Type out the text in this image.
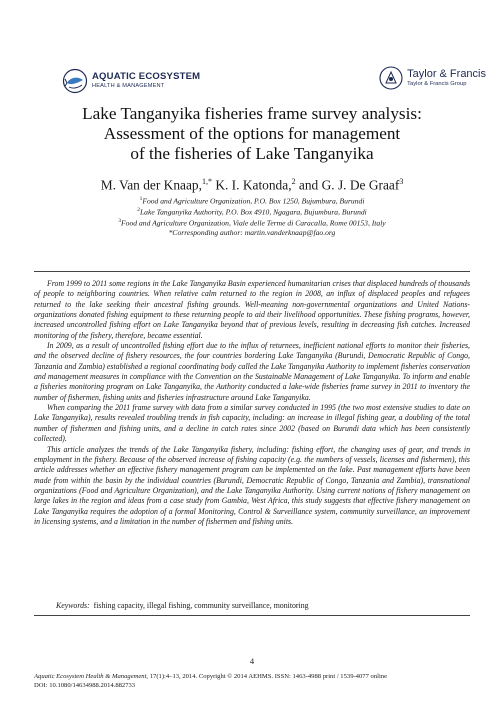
AQUATIC ECOSYSTEM
HEALTH & MANAGEMENT
Taylor & Francis
Taylor & Francis Group
Lake Tanganyika fisheries frame survey analysis:
Assessment of the options for management
of the fisheries of Lake Tanganyika
M. Van der Knaap,$^{1,*}$ K. I. Katonda,$^2$ and G. J. De Graaf$^3$
$^1$Food and Agriculture Organization, P.O. Box 1250, Bujumbura, Burundi
$^2$Lake Tanganyika Authority, P.O. Box 4910, Ngagara, Bujumbura, Burundi
$^3$Food and Agriculture Organization, Viale delle Terme di Caracalla, Rome 00153, Italy
*Corresponding author: martin.vanderknaap@fao.org

From 1999 to 2011 some regions in the Lake Tanganyika Basin experienced humanitarian crises that displaced hundreds of thousands of people to neighboring countries. When relative calm returned to the region in 2008, an influx of displaced peoples and refugees returned to the lake seeking their ancestral fishing grounds. Well-meaning non-governmental organizations and United Nations-organizations donated fishing equipment to these returning people to aid their livelihood opportunities. These fishing programs, however, increased uncontrolled fishing effort on Lake Tanganyika beyond that of previous levels, resulting in decreasing fish catches. Increased monitoring of the fishery, therefore, became essential.

In 2009, as a result of uncontrolled fishing effort due to the influx of returnees, inefficient national efforts to monitor their fisheries, and the observed decline of fishery resources, the four countries bordering Lake Tanganyika (Burundi, Democratic Republic of Congo, Tanzania and Zambia) established a regional coordinating body called the Lake Tanganyika Authority to implement fisheries conservation and management measures in compliance with the Convention on the Sustainable Management of Lake Tanganyika. To inform and enable a fisheries monitoring program on Lake Tanganyika, the Authority conducted a lake-wide fisheries frame survey in 2011 to inventory the number of fishermen, fishing units and fisheries infrastructure around Lake Tanganyika.

When comparing the 2011 frame survey with data from a similar survey conducted in 1995 (the two most extensive studies to date on Lake Tanganyika), results revealed troubling trends in fish capacity, including: an increase in illegal fishing gear, a doubling of the total number of fishermen and fishing units, and a decline in catch rates since 2002 (based on Burundi data which has been consistently collected).

This article analyzes the trends of the Lake Tanganyika fishery, including: fishing effort, the changing uses of gear, and trends in employment in the fishery. Because of the observed increase of fishing capacity (e.g. the numbers of vessels, licenses and fishermen), this article addresses whether an effective fishery management program can be implemented on the lake. Past management efforts have been made from within the basin by the individual countries (Burundi, Democratic Republic of Congo, Tanzania and Zambia), transnational organizations (Food and Agriculture Organization), and the Lake Tanganyika Authority. Using current notions of fishery management on large lakes in the region and ideas from a case study from Gambia, West Africa, this study suggests that effective fishery management on Lake Tanganyika requires the adoption of a formal Monitoring, Control & Surveillance system, community surveillance, an improvement in licensing systems, and a limitation in the number of fishermen and fishing units.

Keywords: fishing capacity, illegal fishing, community surveillance, monitoring
4
Aquatic Ecosystem Health & Management, 17(1):4–13, 2014. Copyright © 2014 AEHMS. ISSN: 1463-4988 print / 1539-4077 online
DOI: 10.1080/14634988.2014.882733
